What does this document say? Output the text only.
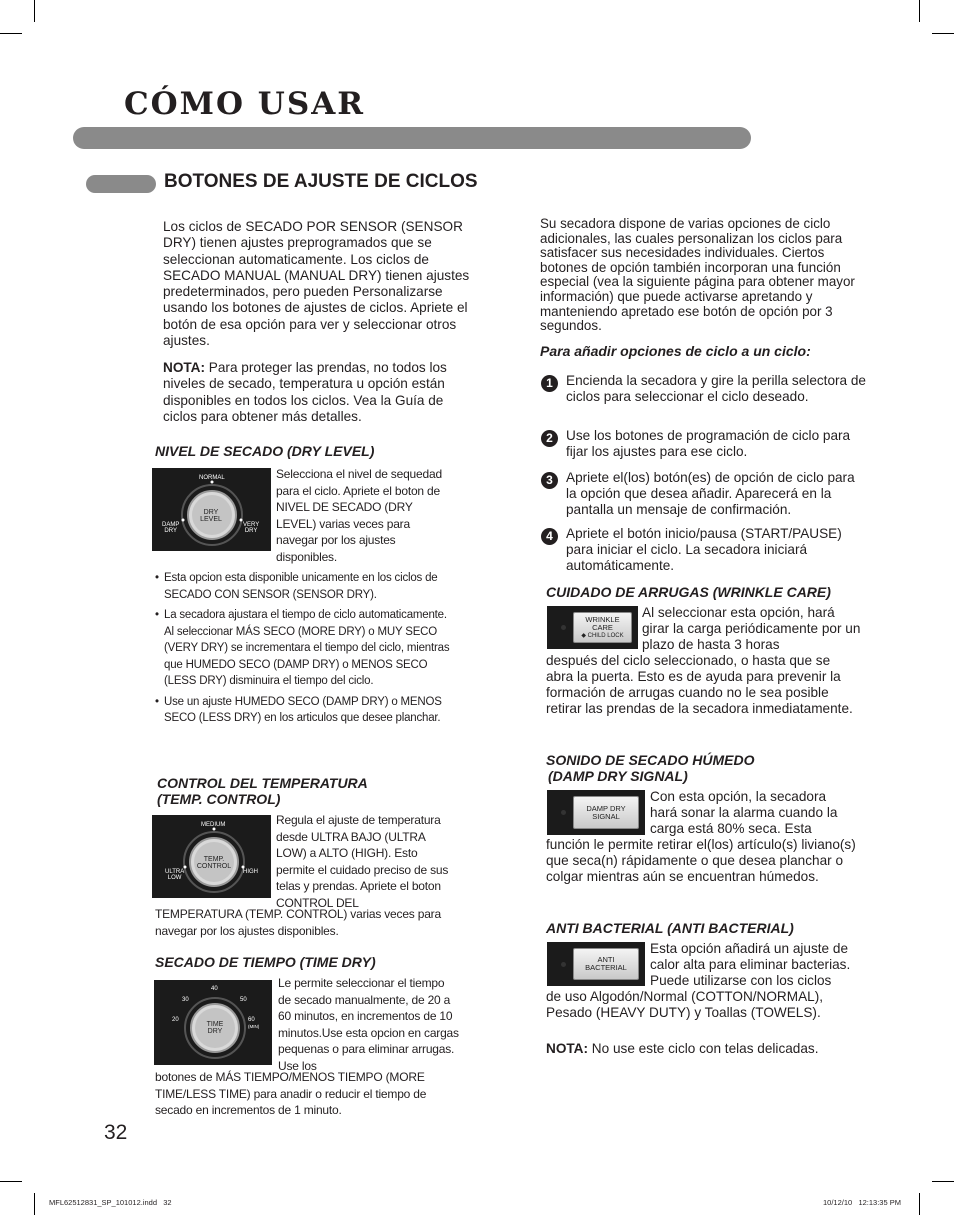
CÓMO USAR
BOTONES DE AJUSTE DE CICLOS
Los ciclos de SECADO POR SENSOR (SENSOR DRY) tienen ajustes preprogramados que se seleccionan automaticamente. Los ciclos de SECADO MANUAL (MANUAL DRY) tienen ajustes predeterminados, pero pueden Personalizarse usando los botones de ajustes de ciclos. Apriete el botón de esa opción para ver y seleccionar otros ajustes.
NOTA: Para proteger las prendas, no todos los niveles de secado, temperatura u opción están disponibles en todos los ciclos. Vea la Guía de ciclos para obtener más detalles.
NIVEL DE SECADO (DRY LEVEL)
NORMAL
DAMP
DRY
VERY
DRY
DRY
LEVEL
Selecciona el nivel de sequedad para el ciclo. Apriete el boton de NIVEL DE SECADO (DRY LEVEL) varias veces para navegar por los ajustes disponibles.
• Esta opcion esta disponible unicamente en los ciclos de SECADO CON SENSOR (SENSOR DRY).
• La secadora ajustara el tiempo de ciclo automaticamente. Al seleccionar MÁS SECO (MORE DRY) o MUY SECO (VERY DRY) se incrementara el tiempo del ciclo, mientras que HUMEDO SECO (DAMP DRY) o MENOS SECO (LESS DRY) disminuira el tiempo del ciclo.
• Use un ajuste HUMEDO SECO (DAMP DRY) o MENOS SECO (LESS DRY) en los articulos que desee planchar.
CONTROL DEL TEMPERATURA
(TEMP. CONTROL)
MEDIUM
ULTRA
LOW
HIGH
TEMP.
CONTROL
Regula el ajuste de temperatura desde ULTRA BAJO (ULTRA LOW) a ALTO (HIGH). Esto permite el cuidado preciso de sus telas y prendas. Apriete el boton CONTROL DEL
TEMPERATURA (TEMP. CONTROL) varias veces para navegar por los ajustes disponibles.
SECADO DE TIEMPO (TIME DRY)
40
30	50
20	60
(MIN)
TIME
DRY
Le permite seleccionar el tiempo de secado manualmente, de 20 a 60 minutos, en incrementos de 10 minutos.Use esta opcion en cargas pequenas o para eliminar arrugas. Use los
botones de MÁS TIEMPO/MENOS TIEMPO (MORE TIME/LESS TIME) para anadir o reducir el tiempo de secado en incrementos de 1 minuto.
32
Su secadora dispone de varias opciones de ciclo adicionales, las cuales personalizan los ciclos para satisfacer sus necesidades individuales. Ciertos botones de opción también incorporan una función especial (vea la siguiente página para obtener mayor información) que puede activarse apretando y manteniendo apretado ese botón de opción por 3 segundos.
Para añadir opciones de ciclo a un ciclo:
1 Encienda la secadora y gire la perilla selectora de ciclos para seleccionar el ciclo deseado.
2 Use los botones de programación de ciclo para fijar los ajustes para ese ciclo.
3 Apriete el(los) botón(es) de opción de ciclo para la opción que desea añadir. Aparecerá en la pantalla un mensaje de confirmación.
4 Apriete el botón inicio/pausa (START/PAUSE) para iniciar el ciclo. La secadora iniciará automáticamente.
CUIDADO DE ARRUGAS (WRINKLE CARE)
WRINKLE CARE
◆ CHILD LOCK
Al seleccionar esta opción, hará girar la carga periódicamente por un plazo de hasta 3 horas
después del ciclo seleccionado, o hasta que se abra la puerta. Esto es de ayuda para prevenir la formación de arrugas cuando no le sea posible retirar las prendas de la secadora inmediatamente.
SONIDO DE SECADO HÚMEDO
(DAMP DRY SIGNAL)
DAMP DRY
SIGNAL
Con esta opción, la secadora hará sonar la alarma cuando la carga está 80% seca. Esta
función le permite retirar el(los) artículo(s) liviano(s) que seca(n) rápidamente o que desea planchar o colgar mientras aún se encuentran húmedos.
ANTI BACTERIAL (ANTI BACTERIAL)
ANTI
BACTERIAL
Esta opción añadirá un ajuste de calor alta para eliminar bacterias. Puede utilizarse con los ciclos
de uso Algodón/Normal (COTTON/NORMAL), Pesado (HEAVY DUTY) y Toallas (TOWELS).
NOTA: No use este ciclo con telas delicadas.
MFL62512831_SP_101012.indd   32	10/12/10   12:13:35 PM
